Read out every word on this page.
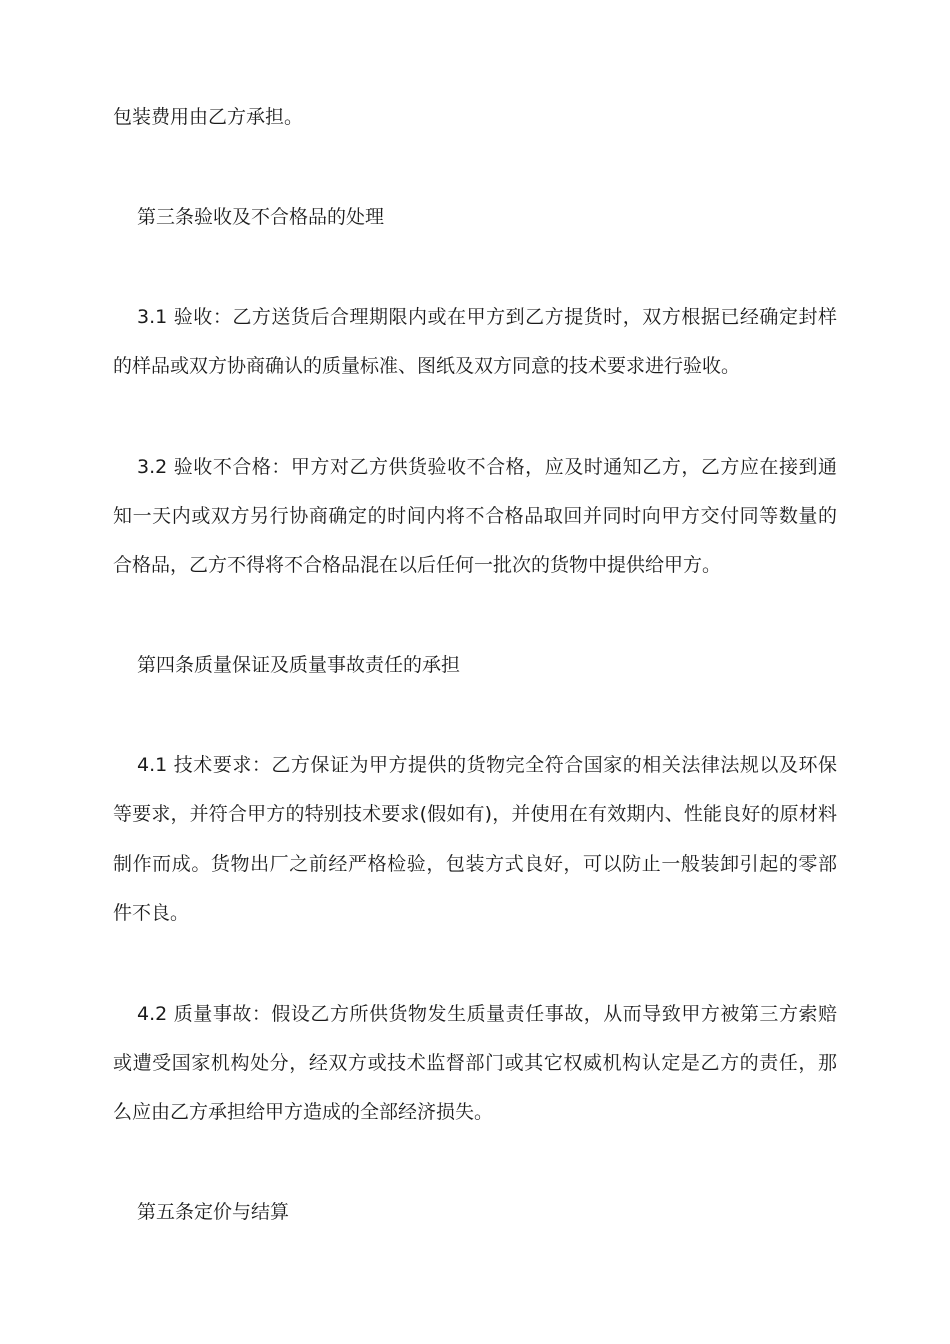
包装费用由乙方承担。
第三条验收及不合格品的处理
3.1 验收：乙方送货后合理期限内或在甲方到乙方提货时，双方根据已经确定封样
的样品或双方协商确认的质量标准、图纸及双方同意的技术要求进行验收。
3.2 验收不合格：甲方对乙方供货验收不合格，应及时通知乙方，乙方应在接到通
知一天内或双方另行协商确定的时间内将不合格品取回并同时向甲方交付同等数量的
合格品，乙方不得将不合格品混在以后任何一批次的货物中提供给甲方。
第四条质量保证及质量事故责任的承担
4.1 技术要求：乙方保证为甲方提供的货物完全符合国家的相关法律法规以及环保
等要求，并符合甲方的特别技术要求(假如有)，并使用在有效期内、性能良好的原材料
制作而成。货物出厂之前经严格检验，包装方式良好，可以防止一般装卸引起的零部
件不良。
4.2 质量事故：假设乙方所供货物发生质量责任事故，从而导致甲方被第三方索赔
或遭受国家机构处分，经双方或技术监督部门或其它权威机构认定是乙方的责任，那
么应由乙方承担给甲方造成的全部经济损失。
第五条定价与结算
